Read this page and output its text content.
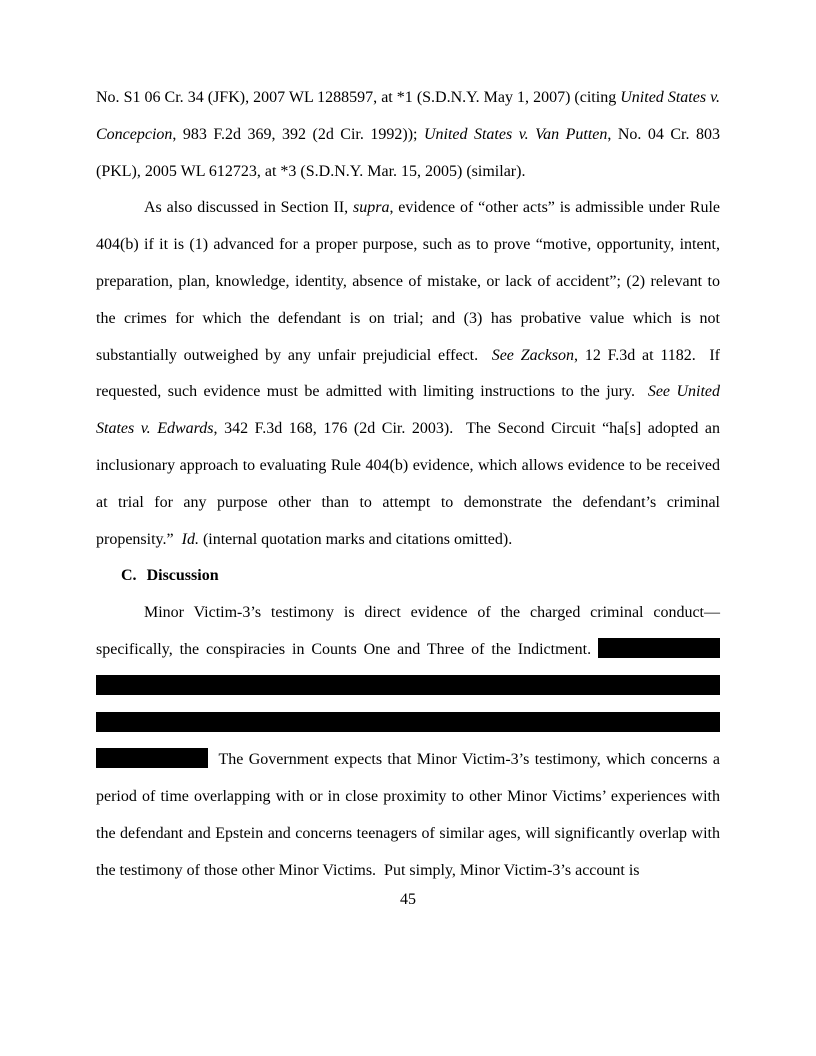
No. S1 06 Cr. 34 (JFK), 2007 WL 1288597, at *1 (S.D.N.Y. May 1, 2007) (citing United States v. Concepcion, 983 F.2d 369, 392 (2d Cir. 1992)); United States v. Van Putten, No. 04 Cr. 803 (PKL), 2005 WL 612723, at *3 (S.D.N.Y. Mar. 15, 2005) (similar).

As also discussed in Section II, supra, evidence of “other acts” is admissible under Rule 404(b) if it is (1) advanced for a proper purpose, such as to prove “motive, opportunity, intent, preparation, plan, knowledge, identity, absence of mistake, or lack of accident”; (2) relevant to the crimes for which the defendant is on trial; and (3) has probative value which is not substantially outweighed by any unfair prejudicial effect.  See Zackson, 12 F.3d at 1182.  If requested, such evidence must be admitted with limiting instructions to the jury.  See United States v. Edwards, 342 F.3d 168, 176 (2d Cir. 2003).  The Second Circuit “ha[s] adopted an inclusionary approach to evaluating Rule 404(b) evidence, which allows evidence to be received at trial for any purpose other than to attempt to demonstrate the defendant’s criminal propensity.”  Id. (internal quotation marks and citations omitted).

C. Discussion

Minor Victim-3’s testimony is direct evidence of the charged criminal conduct—specifically, the conspiracies in Counts One and Three of the Indictment.      The Government expects that Minor Victim-3’s testimony, which concerns a period of time overlapping with or in close proximity to other Minor Victims’ experiences with the defendant and Epstein and concerns teenagers of similar ages, will significantly overlap with the testimony of those other Minor Victims.  Put simply, Minor Victim-3’s account is

45
